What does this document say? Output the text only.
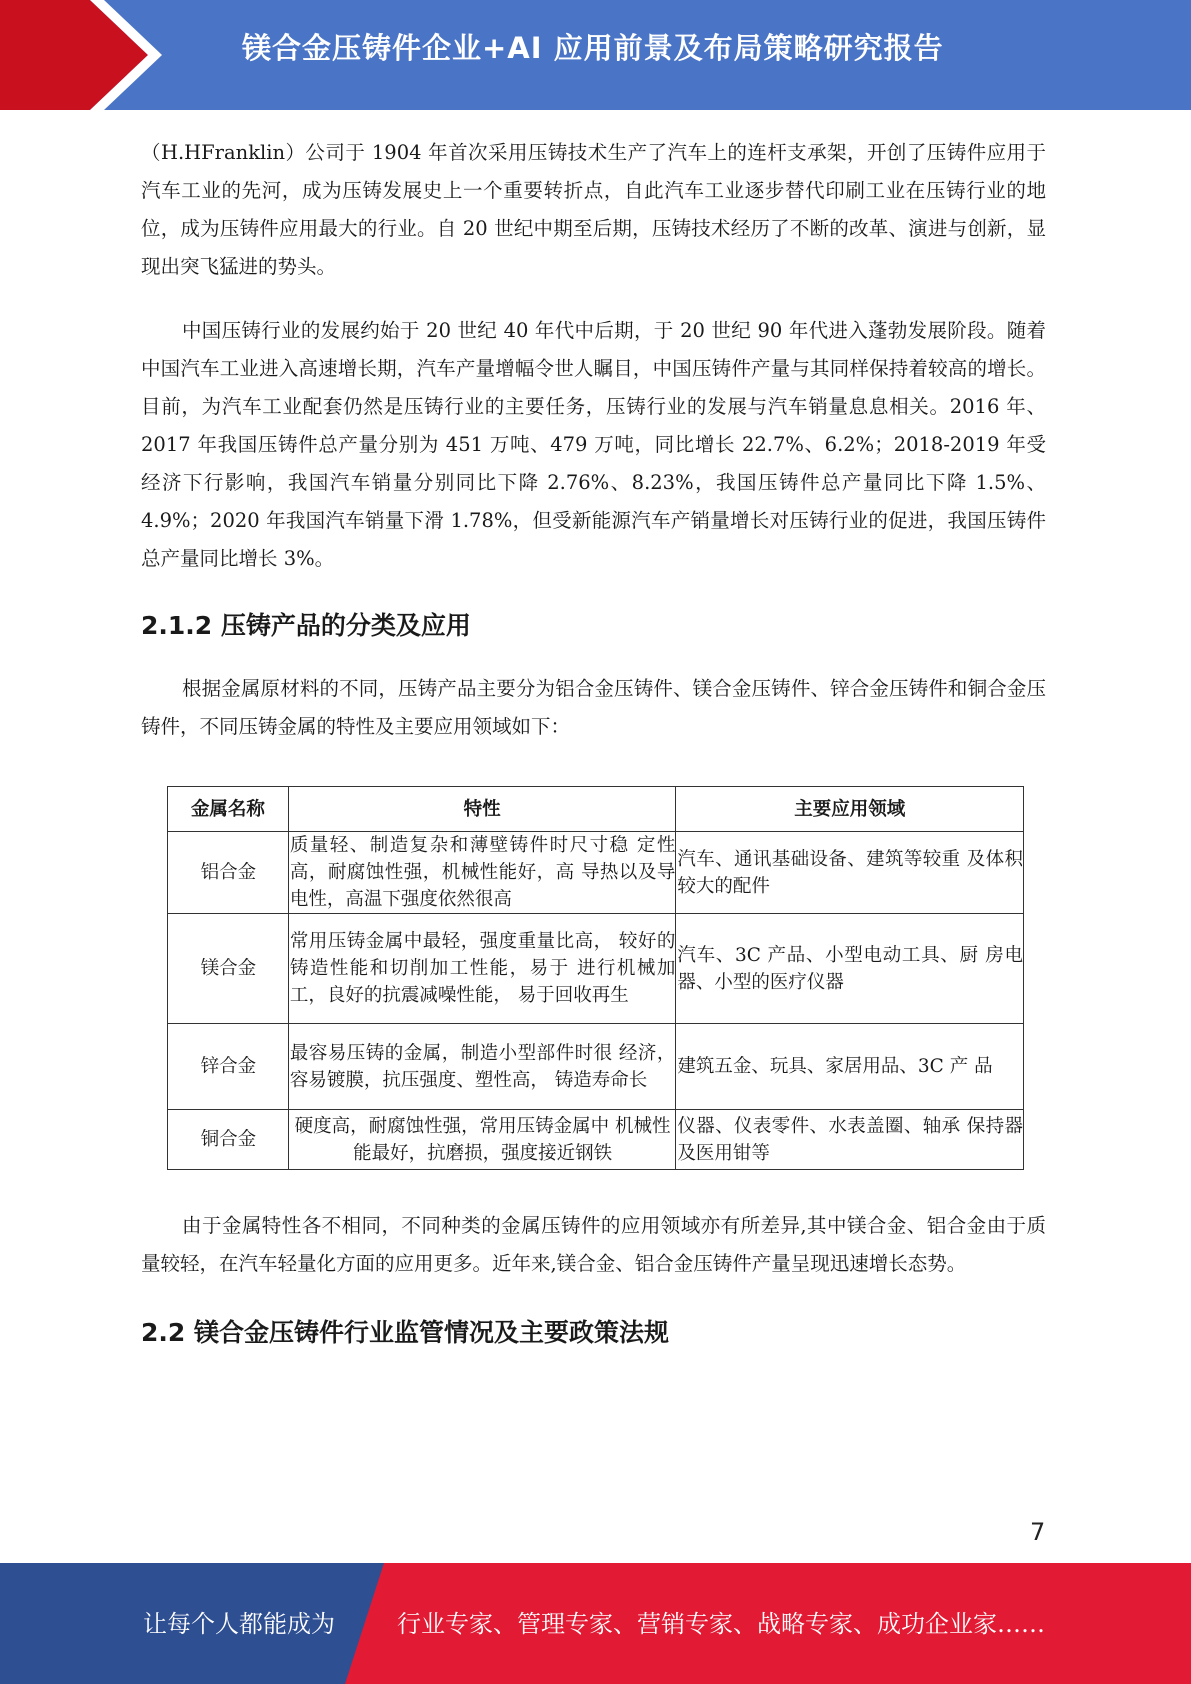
镁合金压铸件企业+AI 应用前景及布局策略研究报告

（H.HFranklin）公司于 1904 年首次采用压铸技术生产了汽车上的连杆支承架，开创了压铸件应用于汽车工业的先河，成为压铸发展史上一个重要转折点，自此汽车工业逐步替代印刷工业在压铸行业的地位，成为压铸件应用最大的行业。自 20 世纪中期至后期，压铸技术经历了不断的改革、演进与创新，显现出突飞猛进的势头。

中国压铸行业的发展约始于 20 世纪 40 年代中后期，于 20 世纪 90 年代进入蓬勃发展阶段。随着中国汽车工业进入高速增长期，汽车产量增幅令世人瞩目，中国压铸件产量与其同样保持着较高的增长。目前，为汽车工业配套仍然是压铸行业的主要任务，压铸行业的发展与汽车销量息息相关。2016 年、2017 年我国压铸件总产量分别为 451 万吨、479 万吨，同比增长 22.7%、6.2%；2018-2019 年受经济下行影响，我国汽车销量分别同比下降 2.76%、8.23%，我国压铸件总产量同比下降 1.5%、4.9%；2020 年我国汽车销量下滑 1.78%，但受新能源汽车产销量增长对压铸行业的促进，我国压铸件总产量同比增长 3%。

2.1.2 压铸产品的分类及应用

根据金属原材料的不同，压铸产品主要分为铝合金压铸件、镁合金压铸件、锌合金压铸件和铜合金压铸件，不同压铸金属的特性及主要应用领域如下：

金属名称	特性	主要应用领域
铝合金	质量轻、制造复杂和薄壁铸件时尺寸稳 定性高，耐腐蚀性强，机械性能好，高 导热以及导电性，高温下强度依然很高	汽车、通讯基础设备、建筑等较重 及体积较大的配件
镁合金	常用压铸金属中最轻，强度重量比高， 较好的铸造性能和切削加工性能，易于 进行机械加工，良好的抗震减噪性能， 易于回收再生	汽车、3C 产品、小型电动工具、厨 房电器、小型的医疗仪器
锌合金	最容易压铸的金属，制造小型部件时很 经济，容易镀膜，抗压强度、塑性高， 铸造寿命长	建筑五金、玩具、家居用品、3C 产 品
铜合金	硬度高，耐腐蚀性强，常用压铸金属中 机械性能最好，抗磨损，强度接近钢铁	仪器、仪表零件、水表盖圈、轴承 保持器及医用钳等

由于金属特性各不相同，不同种类的金属压铸件的应用领域亦有所差异,其中镁合金、铝合金由于质量较轻，在汽车轻量化方面的应用更多。近年来,镁合金、铝合金压铸件产量呈现迅速增长态势。

2.2 镁合金压铸件行业监管情况及主要政策法规
7
让每个人都能成为	行业专家、管理专家、营销专家、战略专家、成功企业家……
